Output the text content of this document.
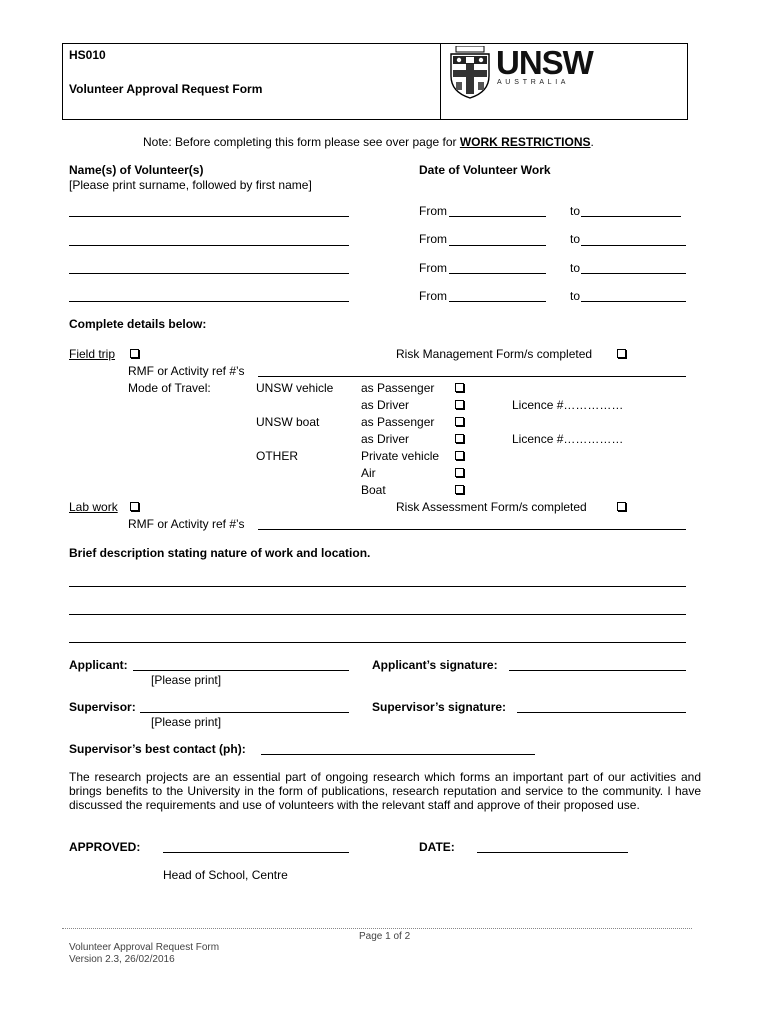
HS010
Volunteer Approval Request Form
UNSW
A U S T R A L I A
Note: Before completing this form please see over page for WORK RESTRICTIONS.
Name(s) of Volunteer(s)
[Please print surname, followed by first name]
Date of Volunteer Work
From	to
From	to
From	to
From	to
Complete details below:
Field trip	Risk Management Form/s completed
RMF or Activity ref #’s
Mode of Travel:	UNSW vehicle as Passenger
as Driver	Licence #……………
UNSW boat	as Passenger
as Driver	Licence #……………
OTHER	Private vehicle
Air
Boat
Lab work	Risk Assessment Form/s completed
RMF or Activity ref #’s
Brief description stating nature of work and location.
Applicant:	Applicant’s signature:
[Please print]
Supervisor:	Supervisor’s signature:
[Please print]
Supervisor’s best contact (ph):
The research projects are an essential part of ongoing research which forms an important part of our activities and brings benefits to the University in the form of publications, research reputation and service to the community. I have discussed the requirements and use of volunteers with the relevant staff and approve of their proposed use.
APPROVED:	DATE:
Head of School, Centre
Page 1 of 2
Volunteer Approval Request Form
Version 2.3, 26/02/2016
